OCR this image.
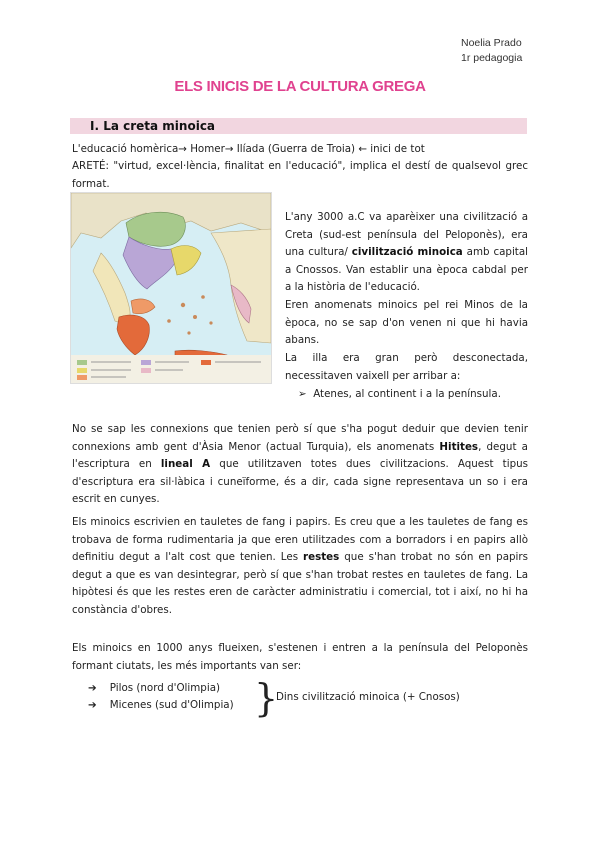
Noelia Prado
1r pedagogia
ELS INICIS DE LA CULTURA GREGA
I. La creta minoica
L'educació homèrica→ Homer→ Ilíada (Guerra de Troia) ← inici de tot
ARETÉ: "virtud, excel·lència, finalitat en l'educació", implica el destí de qualsevol grec format.
L'any 3000 a.C va aparèixer una civilització a Creta (sud-est península del Peloponès), era una cultura/ civilització minoica amb capital a Cnossos. Van establir una època cabdal per a la història de l'educació.
Eren anomenats minoics pel rei Minos de la època, no se sap d'on venen ni que hi havia abans.
La illa era gran però desconectada, necessitaven vaixell per arribar a:
➢ Atenes, al continent i a la península.
No se sap les connexions que tenien però sí que s'ha pogut deduir que devien tenir connexions amb gent d'Àsia Menor (actual Turquia), els anomenats Hitites, degut a l'escriptura en lineal A que utilitzaven totes dues civilitzacions. Aquest tipus d'escriptura era sil·làbica i cuneïforme, és a dir, cada signe representava un so i era escrit en cunyes.
Els minoics escrivien en tauletes de fang i papirs. Es creu que a les tauletes de fang es trobava de forma rudimentaria ja que eren utilitzades com a borradors i en papirs allò definitiu degut a l'alt cost que tenien. Les restes que s'han trobat no són en papirs degut a que es van desintegrar, però sí que s'han trobat restes en tauletes de fang. La hipòtesi és que les restes eren de caràcter administratiu i comercial, tot i així, no hi ha constància d'obres.
Els minoics en 1000 anys flueixen, s'estenen i entren a la península del Peloponès formant ciutats, les més importants van ser:
➔ Pilos (nord d'Olimpia)
➔ Micenes (sud d'Olimpia) }
Dins civilització minoica (+ Cnosos)
